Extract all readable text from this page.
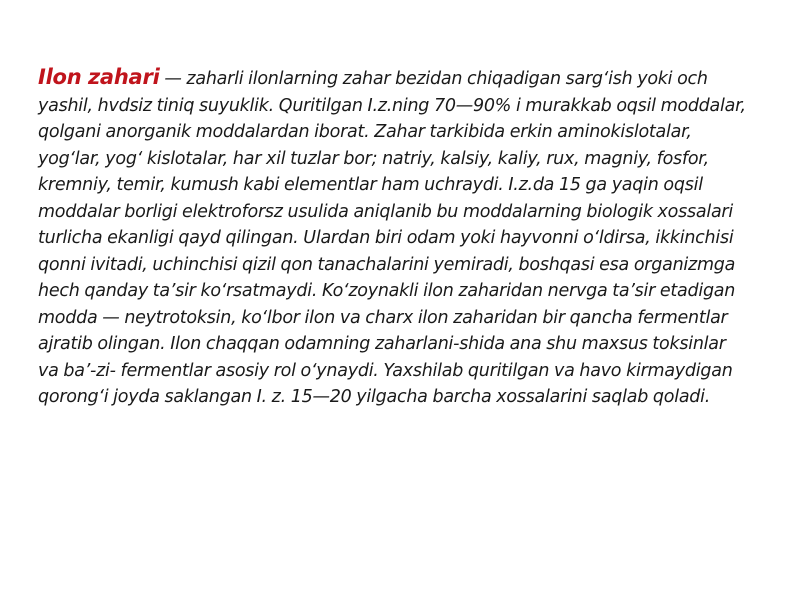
Ilon zahari — zaharli ilonlarning zahar bezidan chiqadigan sarg‘ish yoki och yashil, hvdsiz tiniq suyuklik. Quritilgan I.z.ning 70—90% i murakkab oqsil moddalar, qolgani anorganik moddalardan iborat. Zahar tarkibida erkin aminokislotalar, yog‘lar, yog‘ kislotalar, har xil tuzlar bor; natriy, kalsiy, kaliy, rux, magniy, fosfor, kremniy, temir, kumush kabi elementlar ham uchraydi. I.z.da 15 ga yaqin oqsil moddalar borligi elektroforsz usulida aniqlanib bu moddalarning biologik xossalari turlicha ekanligi qayd qilingan. Ulardan biri odam yoki hayvonni o‘ldirsa, ikkinchisi qonni ivitadi, uchinchisi qizil qon tanachalarini yemiradi, boshqasi esa organizmga hech qanday ta’sir ko‘rsatmaydi. Ko‘zoynakli ilon zaharidan nervga ta’sir etadigan modda — neytrotoksin, ko‘lbor ilon va charx ilon zaharidan bir qancha fermentlar ajratib olingan. Ilon chaqqan odamning zaharlani-shida ana shu maxsus toksinlar va ba’-zi- fermentlar asosiy rol o‘ynaydi. Yaxshilab quritilgan va havo kirmaydigan qorong‘i joyda saklangan I. z. 15—20 yilgacha barcha xossalarini saqlab qoladi.
